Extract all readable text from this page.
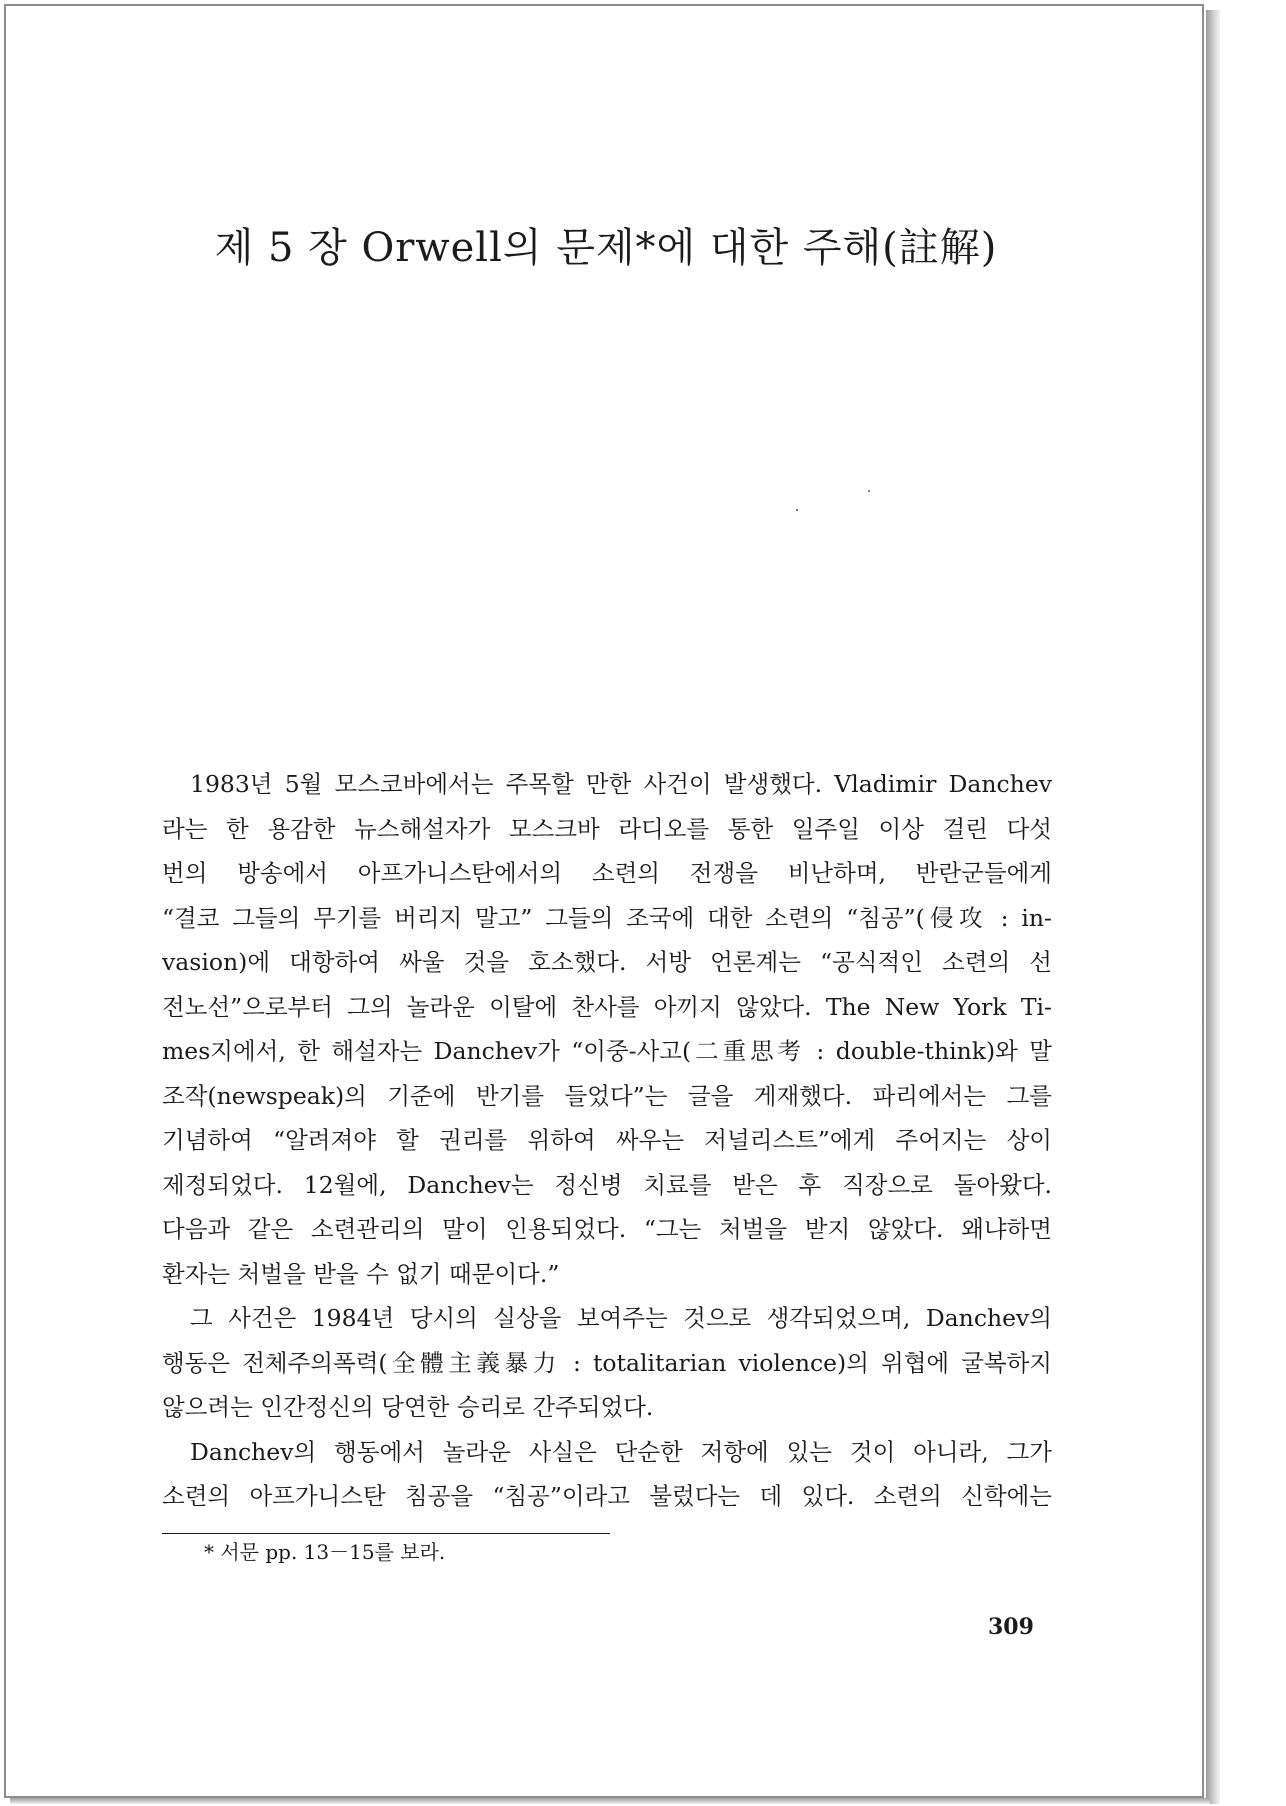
제 5 장 Orwell의 문제*에 대한 주해(註解)
1983년 5월 모스코바에서는 주목할 만한 사건이 발생했다. Vladimir Danchev
라는 한 용감한 뉴스해설자가 모스크바 라디오를 통한 일주일 이상 걸린 다섯
번의 방송에서 아프가니스탄에서의 소련의 전쟁을 비난하며, 반란군들에게
“결코 그들의 무기를 버리지 말고” 그들의 조국에 대한 소련의 “침공”(侵攻 : in-
vasion)에 대항하여 싸울 것을 호소했다. 서방 언론계는 “공식적인 소련의 선
전노선”으로부터 그의 놀라운 이탈에 찬사를 아끼지 않았다. The New York Ti-
mes지에서, 한 해설자는 Danchev가 “이중-사고(二重思考 : double-think)와 말
조작(newspeak)의 기준에 반기를 들었다”는 글을 게재했다. 파리에서는 그를
기념하여 “알려져야 할 권리를 위하여 싸우는 저널리스트”에게 주어지는 상이
제정되었다. 12월에, Danchev는 정신병 치료를 받은 후 직장으로 돌아왔다.
다음과 같은 소련관리의 말이 인용되었다. “그는 처벌을 받지 않았다. 왜냐하면
환자는 처벌을 받을 수 없기 때문이다.”
그 사건은 1984년 당시의 실상을 보여주는 것으로 생각되었으며, Danchev의
행동은 전체주의폭력(全體主義暴力 : totalitarian violence)의 위협에 굴복하지
않으려는 인간정신의 당연한 승리로 간주되었다.
Danchev의 행동에서 놀라운 사실은 단순한 저항에 있는 것이 아니라, 그가
소련의 아프가니스탄 침공을 “침공”이라고 불렀다는 데 있다. 소련의 신학에는
* 서문 pp. 13－15를 보라.
309
